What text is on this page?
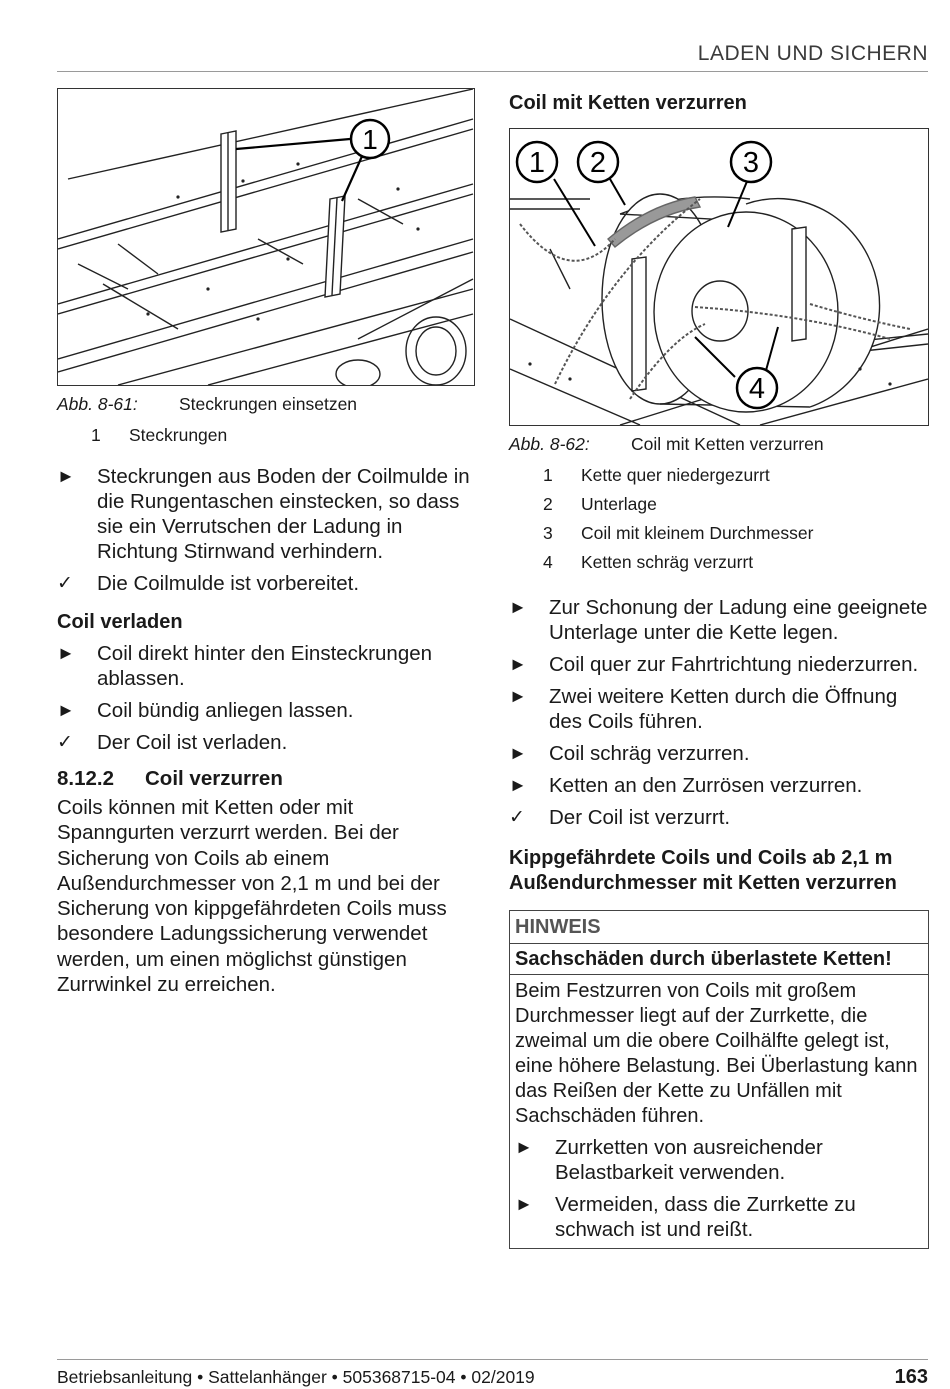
LADEN UND SICHERN
1
Abb. 8-61:	Steckrungen einsetzen
1	Steckrungen
►	Steckrungen aus Boden der Coilmulde in die Rungentaschen einstecken, so dass sie ein Verrutschen der Ladung in Richtung Stirnwand verhindern.
✓	Die Coilmulde ist vorbereitet.
Coil verladen
►	Coil direkt hinter den Einsteckrungen ablassen.
►	Coil bündig anliegen lassen.
✓	Der Coil ist verladen.
8.12.2	Coil verzurren

Coils können mit Ketten oder mit Spanngurten verzurrt werden. Bei der Sicherung von Coils ab einem Außendurchmesser von 2,1 m und bei der Sicherung von kippgefährdeten Coils muss besondere Ladungssicherung verwendet werden, um einen möglichst günstigen Zurrwinkel zu erreichen.

Coil mit Ketten verzurren
1 2	3
4
Abb. 8-62:	Coil mit Ketten verzurren
1	Kette quer niedergezurrt
2	Unterlage
3	Coil mit kleinem Durchmesser
4	Ketten schräg verzurrt
►	Zur Schonung der Ladung eine geeignete Unterlage unter die Kette legen.
►	Coil quer zur Fahrtrichtung niederzurren.
►	Zwei weitere Ketten durch die Öffnung des Coils führen.
►	Coil schräg verzurren.
►	Ketten an den Zurrösen verzurren.
✓	Der Coil ist verzurrt.
Kippgefährdete Coils und Coils ab 2,1 m Außendurchmesser mit Ketten verzurren
HINWEIS
Sachschäden durch überlastete Ketten!
Beim Festzurren von Coils mit großem Durchmesser liegt auf der Zurrkette, die zweimal um die obere Coilhälfte gelegt ist, eine höhere Belastung. Bei Überlastung kann das Reißen der Kette zu Unfällen mit Sachschäden führen.
►	Zurrketten von ausreichender Belastbarkeit verwenden.
►	Vermeiden, dass die Zurrkette zu schwach ist und reißt.
Betriebsanleitung • Sattelanhänger • 505368715-04 • 02/2019	163
